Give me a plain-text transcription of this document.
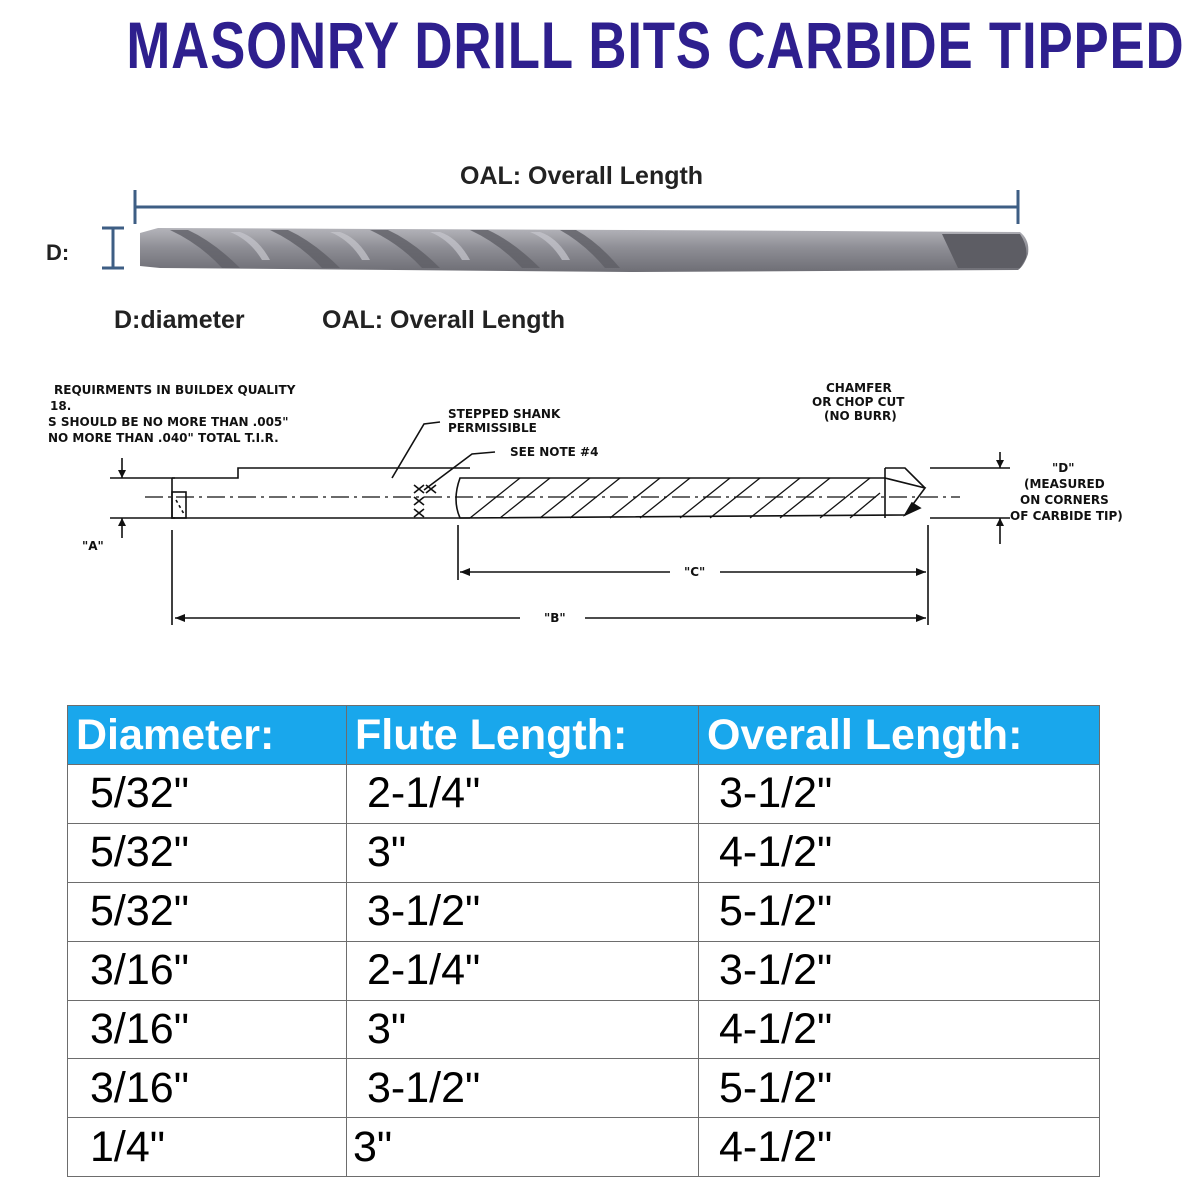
MASONRY DRILL BITS CARBIDE TIPPED
OAL: Overall Length
D:
D:diameter	OAL: Overall Length
REQUIRMENTS IN BUILDEX QUALITY
18.
S SHOULD BE NO MORE THAN .005"
NO MORE THAN .040" TOTAL T.I.R.
STEPPED SHANK
PERMISSIBLE
SEE NOTE #4
CHAMFER
OR CHOP CUT
(NO BURR)
"D"
(MEASURED
ON CORNERS
OF CARBIDE TIP)
"A"
"C"
"B"
Diameter:	Flute Length:	Overall Length:
5/32"	2-1/4"	3-1/2"
5/32"	3"	4-1/2"
5/32"	3-1/2"	5-1/2"
3/16"	2-1/4"	3-1/2"
3/16"	3"	4-1/2"
3/16"	3-1/2"	5-1/2"
1/4"	3"	4-1/2"
